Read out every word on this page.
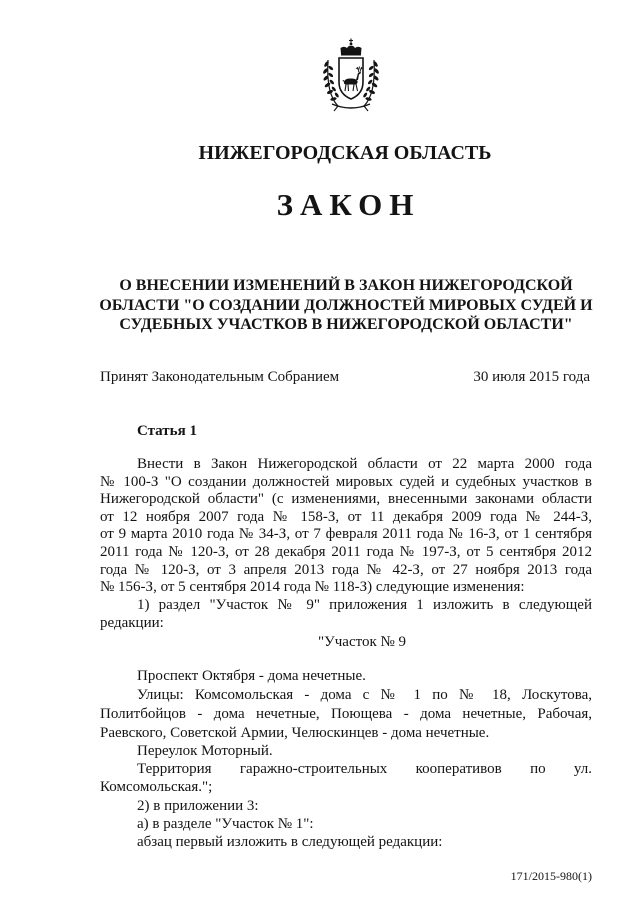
НИЖЕГОРОДСКАЯ ОБЛАСТЬ
ЗАКОН
О ВНЕСЕНИИ ИЗМЕНЕНИЙ В ЗАКОН НИЖЕГОРОДСКОЙ
ОБЛАСТИ "О СОЗДАНИИ ДОЛЖНОСТЕЙ МИРОВЫХ СУДЕЙ И
СУДЕБНЫХ УЧАСТКОВ В НИЖЕГОРОДСКОЙ ОБЛАСТИ"
Принят Законодательным Собранием	30 июля 2015 года
Статья 1
Внести в Закон Нижегородской области от 22 марта 2000 года
№ 100-З "О создании должностей мировых судей и судебных участков в
Нижегородской области" (с изменениями, внесенными законами области
от 12 ноября 2007 года № 158-З, от 11 декабря 2009 года № 244-З,
от 9 марта 2010 года № 34-З, от 7 февраля 2011 года № 16-З, от 1 сентября
2011 года № 120-З, от 28 декабря 2011 года № 197-З, от 5 сентября 2012
года № 120-З, от 3 апреля 2013 года № 42-З, от 27 ноября 2013 года
№ 156-З, от 5 сентября 2014 года № 118-З) следующие изменения:
1) раздел "Участок № 9" приложения 1 изложить в следующей
редакции:
"Участок № 9
Проспект Октября - дома нечетные.
Улицы: Комсомольская - дома с № 1 по № 18, Лоскутова,
Политбойцов - дома нечетные, Поющева - дома нечетные, Рабочая,
Раевского, Советской Армии, Челюскинцев - дома нечетные.
Переулок Моторный.
Территория гаражно-строительных кооперативов по ул.
Комсомольская.";
2) в приложении 3:
а) в разделе "Участок № 1":
абзац первый изложить в следующей редакции:
171/2015-980(1)
